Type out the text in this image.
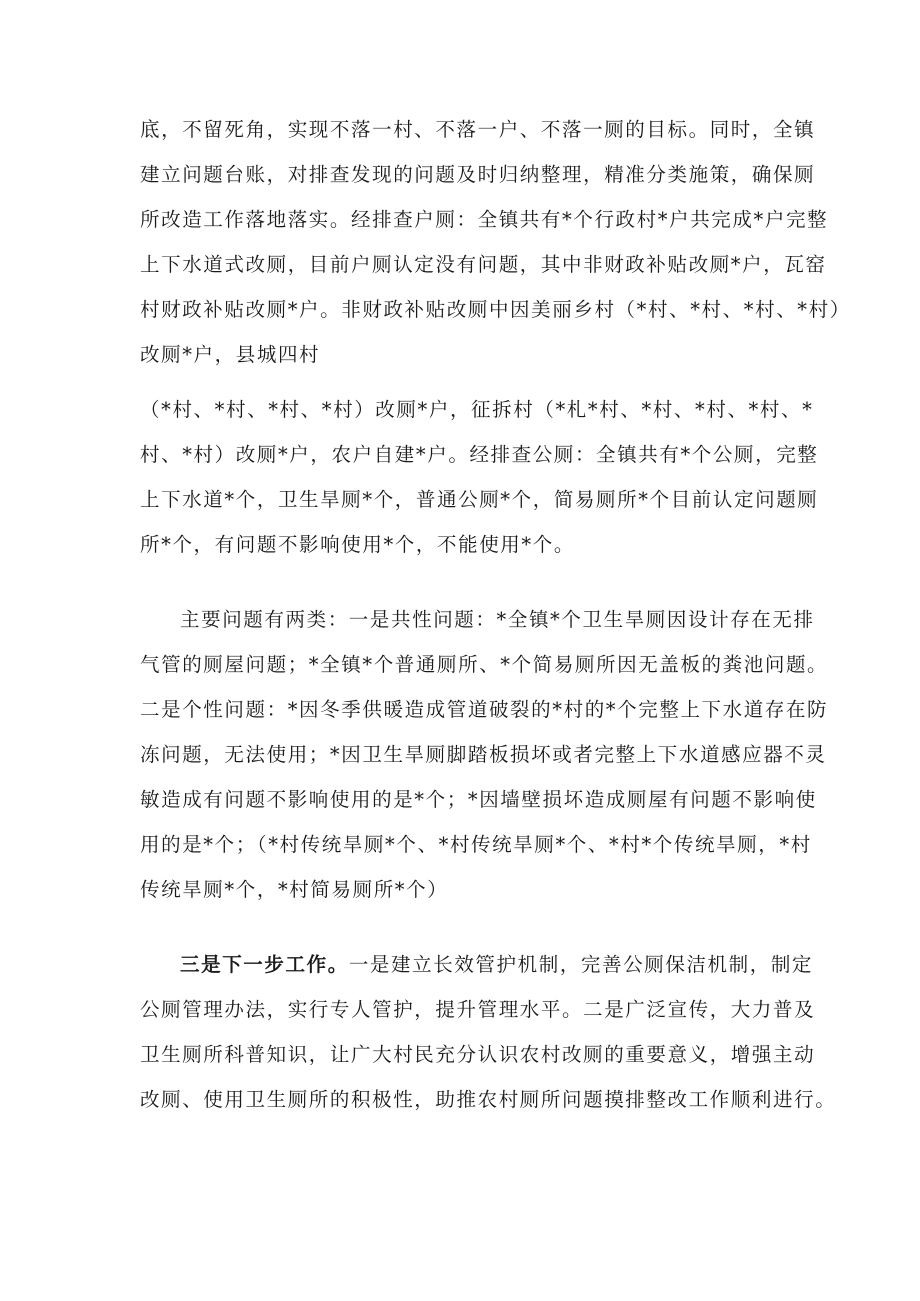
底，不留死角，实现不落一村、不落一户、不落一厕的目标。同时，全镇
建立问题台账，对排查发现的问题及时归纳整理，精准分类施策，确保厕
所改造工作落地落实。经排查户厕：全镇共有*个行政村*户共完成*户完整
上下水道式改厕，目前户厕认定没有问题，其中非财政补贴改厕*户，瓦窑
村财政补贴改厕*户。非财政补贴改厕中因美丽乡村（*村、*村、*村、*村）
改厕*户，县城四村
（*村、*村、*村、*村）改厕*户，征拆村（*札*村、*村、*村、*村、*
村、*村）改厕*户，农户自建*户。经排查公厕：全镇共有*个公厕，完整
上下水道*个，卫生旱厕*个，普通公厕*个，简易厕所*个目前认定问题厕
所*个，有问题不影响使用*个，不能使用*个。
主要问题有两类：一是共性问题：*全镇*个卫生旱厕因设计存在无排
气管的厕屋问题；*全镇*个普通厕所、*个简易厕所因无盖板的粪池问题。
二是个性问题：*因冬季供暖造成管道破裂的*村的*个完整上下水道存在防
冻问题，无法使用；*因卫生旱厕脚踏板损坏或者完整上下水道感应器不灵
敏造成有问题不影响使用的是*个；*因墙壁损坏造成厕屋有问题不影响使
用的是*个；（*村传统旱厕*个、*村传统旱厕*个、*村*个传统旱厕，*村
传统旱厕*个，*村简易厕所*个）
三是下一步工作。一是建立长效管护机制，完善公厕保洁机制，制定
公厕管理办法，实行专人管护，提升管理水平。二是广泛宣传，大力普及
卫生厕所科普知识，让广大村民充分认识农村改厕的重要意义，增强主动
改厕、使用卫生厕所的积极性，助推农村厕所问题摸排整改工作顺利进行。
